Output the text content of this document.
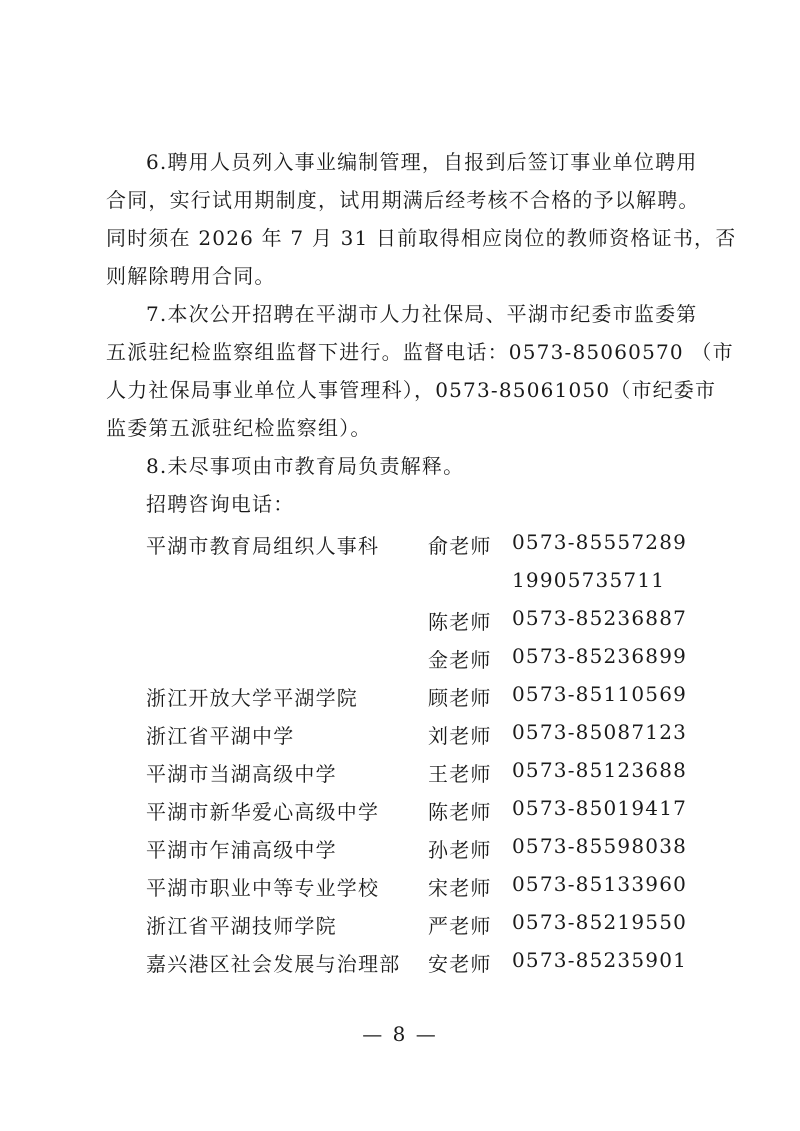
6.聘用人员列入事业编制管理，自报到后签订事业单位聘用
合同，实行试用期制度，试用期满后经考核不合格的予以解聘。
同时须在 2026 年 7 月 31 日前取得相应岗位的教师资格证书，否
则解除聘用合同。
7.本次公开招聘在平湖市人力社保局、平湖市纪委市监委第
五派驻纪检监察组监督下进行。监督电话：0573-85060570 （市
人力社保局事业单位人事管理科），0573-85061050（市纪委市
监委第五派驻纪检监察组）。
8.未尽事项由市教育局负责解释。
招聘咨询电话：
平湖市教育局组织人事科 俞老师 0573-85557289
19905735711
陈老师 0573-85236887
金老师 0573-85236899
浙江开放大学平湖学院	顾老师 0573-85110569
浙江省平湖中学	刘老师 0573-85087123
平湖市当湖高级中学	王老师 0573-85123688
平湖市新华爱心高级中学 陈老师 0573-85019417
平湖市乍浦高级中学	孙老师 0573-85598038
平湖市职业中等专业学校 宋老师 0573-85133960
浙江省平湖技师学院	严老师 0573-85219550
嘉兴港区社会发展与治理部 安老师 0573-85235901
— 8 —
